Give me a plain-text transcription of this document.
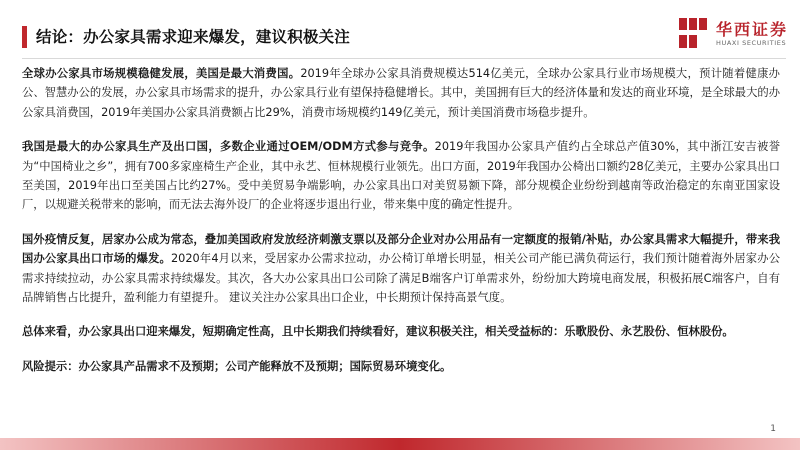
结论：办公家具需求迎来爆发，建议积极关注	华西证券
HUAXI SECURITIES

全球办公家具市场规模稳健发展，美国是最大消费国。2019年全球办公家具消费规模达514亿美元，全球办公家具行业市场规模大，预计随着健康办公、智慧办公的发展，办公家具市场需求的提升，办公家具行业有望保持稳健增长。其中，美国拥有巨大的经济体量和发达的商业环境，是全球最大的办公家具消费国，2019年美国办公家具消费额占比29%，消费市场规模约149亿美元，预计美国消费市场稳步提升。

我国是最大的办公家具生产及出口国，多数企业通过OEM/ODM方式参与竞争。2019年我国办公家具产值约占全球总产值30%，其中浙江安吉被誉为“中国椅业之乡”，拥有700多家座椅生产企业，其中永艺、恒林规模行业领先。出口方面，2019年我国办公椅出口额约28亿美元，主要办公家具出口至美国，2019年出口至美国占比约27%。受中美贸易争端影响，办公家具出口对美贸易额下降，部分规模企业纷纷到越南等政治稳定的东南亚国家设厂，以规避关税带来的影响，而无法去海外设厂的企业将逐步退出行业，带来集中度的确定性提升。

国外疫情反复，居家办公成为常态，叠加美国政府发放经济刺激支票以及部分企业对办公用品有一定额度的报销/补贴，办公家具需求大幅提升，带来我国办公家具出口市场的爆发。2020年4月以来，受居家办公需求拉动，办公椅订单增长明显，相关公司产能已满负荷运行，我们预计随着海外居家办公需求持续拉动，办公家具需求持续爆发。其次，各大办公家具出口公司除了满足B端客户订单需求外，纷纷加大跨境电商发展，积极拓展C端客户，自有品牌销售占比提升，盈利能力有望提升。 建议关注办公家具出口企业，中长期预计保持高景气度。

总体来看，办公家具出口迎来爆发，短期确定性高，且中长期我们持续看好，建议积极关注，相关受益标的：乐歌股份、永艺股份、恒林股份。

风险提示：办公家具产品需求不及预期；公司产能释放不及预期；国际贸易环境变化。

1
